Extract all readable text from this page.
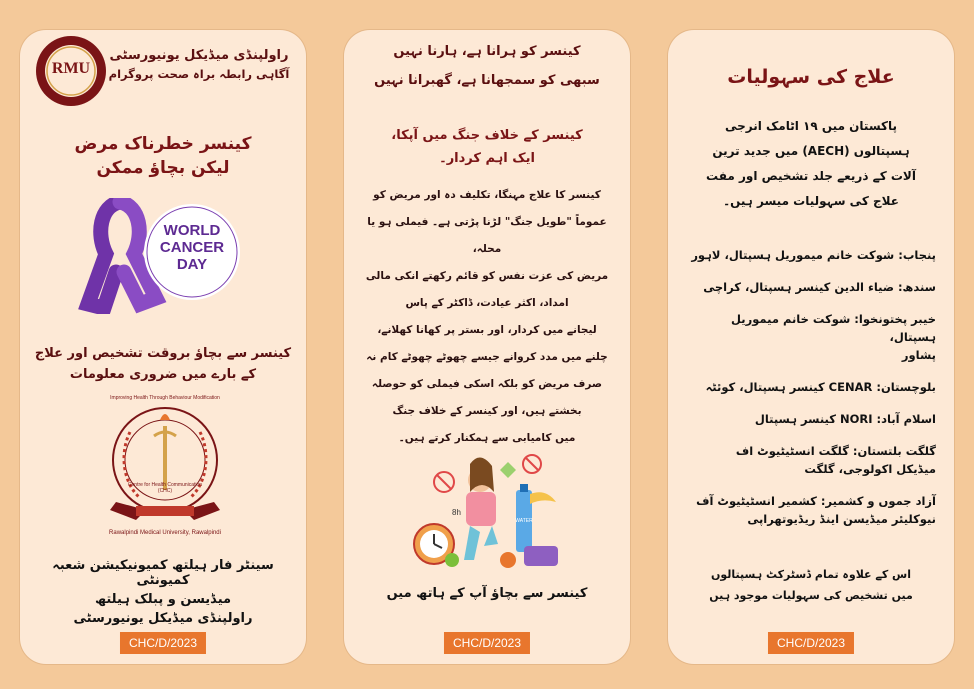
RMU
راولپنڈی میڈیکل یونیورسٹی
آگاہی رابطہ براہ صحت پروگرام
کینسر خطرناک مرض
لیکن بچاؤ ممکن
WORLD
CANCER
DAY
کینسر سے بچاؤ بروقت تشخیص اور علاج
کے بارے میں ضروری معلومات
Improving Health Through Behaviour Modification
Centre for Health Communication (CHC)
Rawalpindi Medical University, Rawalpindi
سینٹر فار ہیلتھ کمیونیکیشن شعبہ کمیونٹی
میڈیسن و پبلک ہیلتھ
راولپنڈی میڈیکل یونیورسٹی
CHC/D/2023
کینسر کو ہرانا ہے، ہارنا نہیں
سبھی کو سمجھانا ہے، گھبرانا نہیں
کینسر کے خلاف جنگ میں آپکا،
ایک اہم کردار۔
کینسر کا علاج مہنگا، تکلیف دہ اور مریض کو
عموماً "طویل جنگ" لڑنا پڑتی ہے۔ فیملی ہو یا محلہ،
مریض کی عزت نفس کو قائم رکھتے انکی مالی
امداد، اکثر عیادت، ڈاکٹر کے پاس
لیجانے میں کردار، اور بستر پر کھانا کھلانے،
چلنے میں مدد کروانے جیسے چھوٹے چھوٹے کام نہ
صرف مریض کو بلکہ اسکی فیملی کو حوصلہ
بخشتے ہیں، اور کینسر کے خلاف جنگ
میں کامیابی سے ہمکنار کرتے ہیں۔
8h
WATER
کینسر سے بچاؤ آپ کے ہاتھ میں
CHC/D/2023
علاج کی سہولیات
پاکستان میں ۱۹ اٹامک انرجی
ہسپتالوں (AECH) میں جدید ترین
آلات کے ذریعے جلد تشخیص اور مفت
علاج کی سہولیات میسر ہیں۔
پنجاب: شوکت خانم میموریل ہسپتال، لاہور
سندھ: ضیاء الدین کینسر ہسپتال، کراچی
خیبر پختونخوا: شوکت خانم میموریل ہسپتال،
پشاور
بلوچستان: CENAR کینسر ہسپتال، کوئٹہ
اسلام آباد: NORI کینسر ہسپتال
گلگت بلتستان: گلگت انسٹیٹیوٹ اف
میڈیکل اکولوجی، گلگت
آزاد جموں و کشمیر: کشمیر انسٹیٹیوٹ آف
نیوکلیئر میڈیسن اینڈ ریڈیوتھراپی
اس کے علاوہ تمام ڈسٹرکٹ ہسپتالوں
میں تشخیص کی سہولیات موجود ہیں
CHC/D/2023
